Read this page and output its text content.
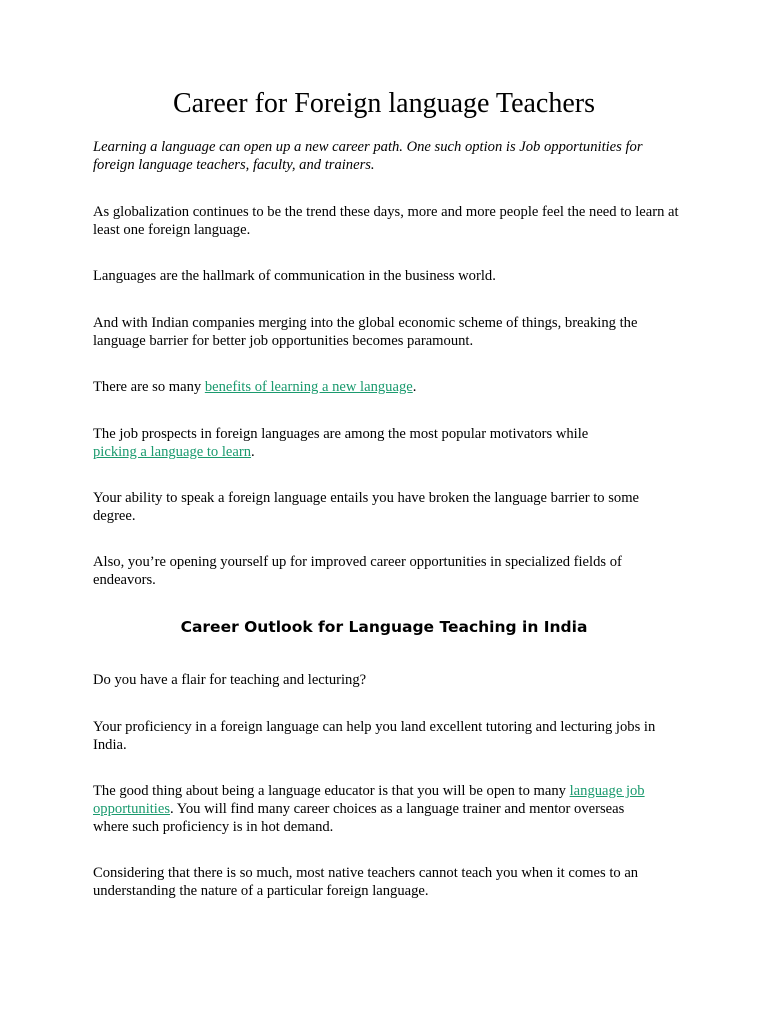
Career for Foreign language Teachers

Learning a language can open up a new career path. One such option is Job opportunities for foreign language teachers, faculty, and trainers.

As globalization continues to be the trend these days, more and more people feel the need to learn at least one foreign language.

Languages are the hallmark of communication in the business world.

And with Indian companies merging into the global economic scheme of things, breaking the language barrier for better job opportunities becomes paramount.

There are so many benefits of learning a new language.

The job prospects in foreign languages are among the most popular motivators while picking a language to learn.

Your ability to speak a foreign language entails you have broken the language barrier to some degree.

Also, you’re opening yourself up for improved career opportunities in specialized fields of endeavors.

Career Outlook for Language Teaching in India

Do you have a flair for teaching and lecturing?

Your proficiency in a foreign language can help you land excellent tutoring and lecturing jobs in India.

The good thing about being a language educator is that you will be open to many language job opportunities. You will find many career choices as a language trainer and mentor overseas where such proficiency is in hot demand.

Considering that there is so much, most native teachers cannot teach you when it comes to an understanding the nature of a particular foreign language.
